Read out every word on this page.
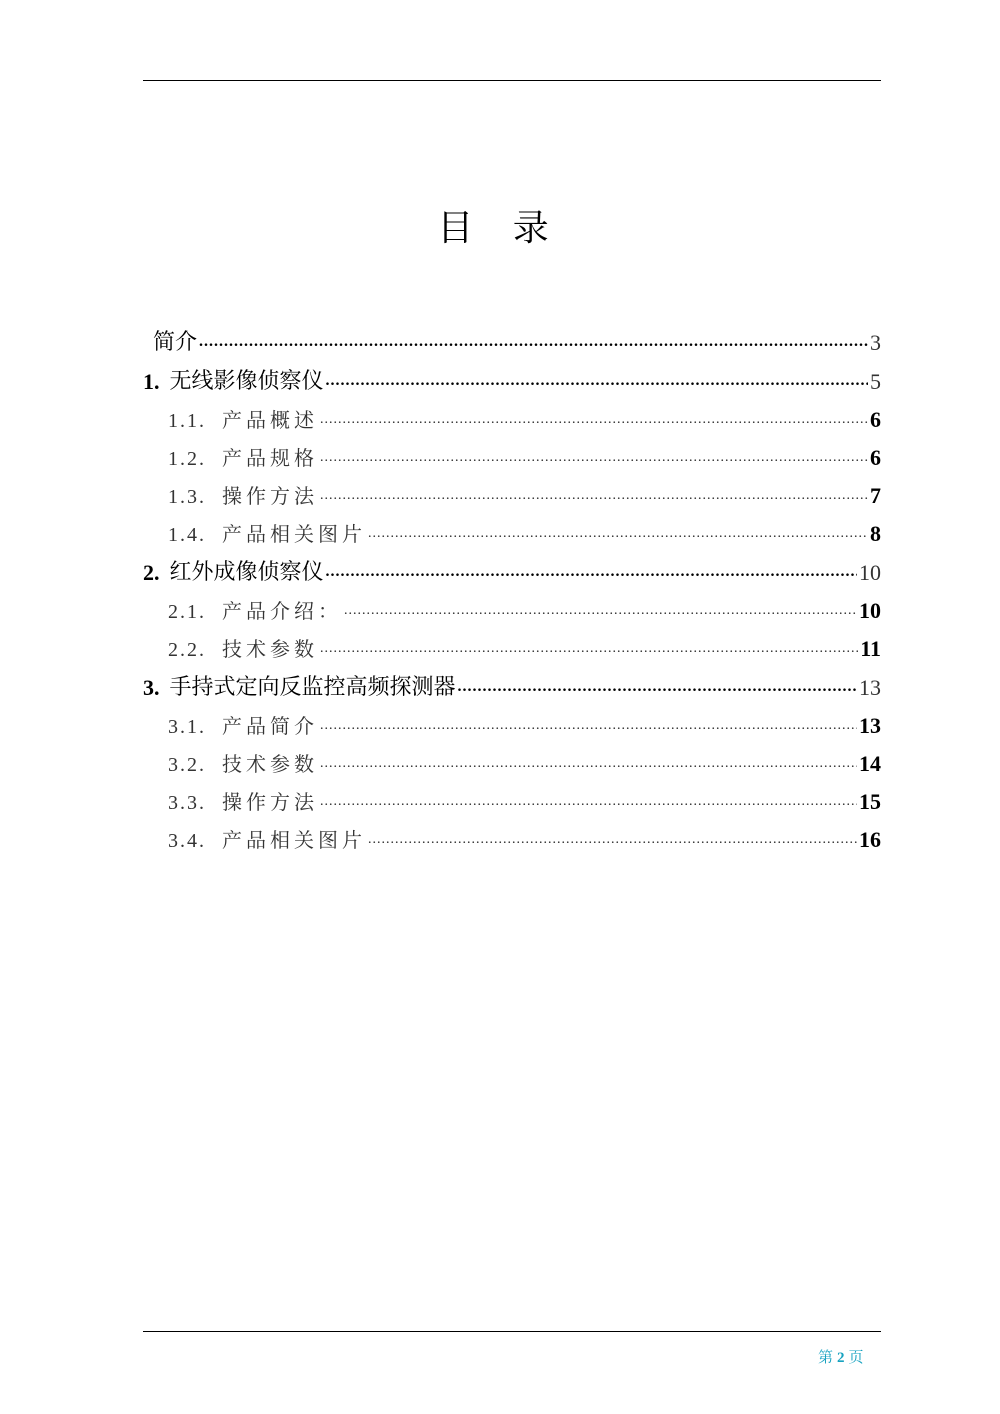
目 录
简介 .....	3
1. 无线影像侦察仪 .....	5
1.1. 产品概述 .....	6
1.2. 产品规格 .....	6
1.3. 操作方法 .....	7
1.4. 产品相关图片 .....	8
2. 红外成像侦察仪 .....	10
2.1. 产品介绍： .....	10
2.2. 技术参数 .....	11
3. 手持式定向反监控高频探测器 .....	13
3.1. 产品简介 .....	13
3.2. 技术参数 .....	14
3.3. 操作方法 .....	15
3.4. 产品相关图片 .....	16
第 2 页
